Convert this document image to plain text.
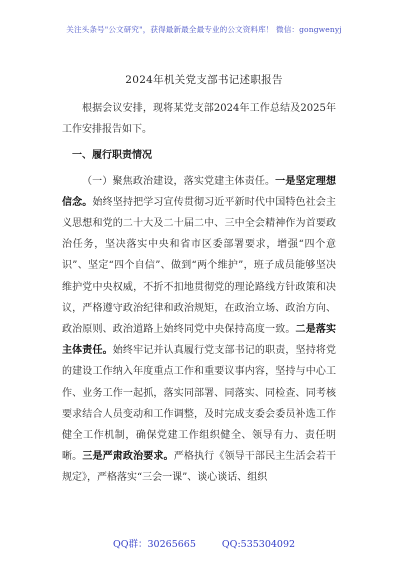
关注头条号"公文研究"，获得最新最全最专业的公文资料库！ 微信：gongwenyj
2024年机关党支部书记述职报告

根据会议安排，现将某党支部2024年工作总结及2025年工作安排报告如下。

一、履行职责情况

（一）聚焦政治建设，落实党建主体责任。一是坚定理想信念。始终坚持把学习宣传贯彻习近平新时代中国特色社会主义思想和党的二十大及二十届二中、三中全会精神作为首要政治任务，坚决落实中央和省市区委部署要求，增强“四个意识”、坚定“四个自信”、做到“两个维护”，班子成员能够坚决维护党中央权威，不折不扣地贯彻党的理论路线方针政策和决议，严格遵守政治纪律和政治规矩，在政治立场、政治方向、政治原则、政治道路上始终同党中央保持高度一致。二是落实主体责任。始终牢记并认真履行党支部书记的职责，坚持将党的建设工作纳入年度重点工作和重要议事内容，坚持与中心工作、业务工作一起抓，落实同部署、同落实、同检查、同考核要求结合人员变动和工作调整，及时完成支委会委员补选工作健全工作机制，确保党建工作组织健全、领导有力、责任明晰。三是严肃政治要求。严格执行《领导干部民主生活会若干规定》，严格落实“三会一课”、谈心谈话、组织

QQ群：30265665	QQ:535304092
